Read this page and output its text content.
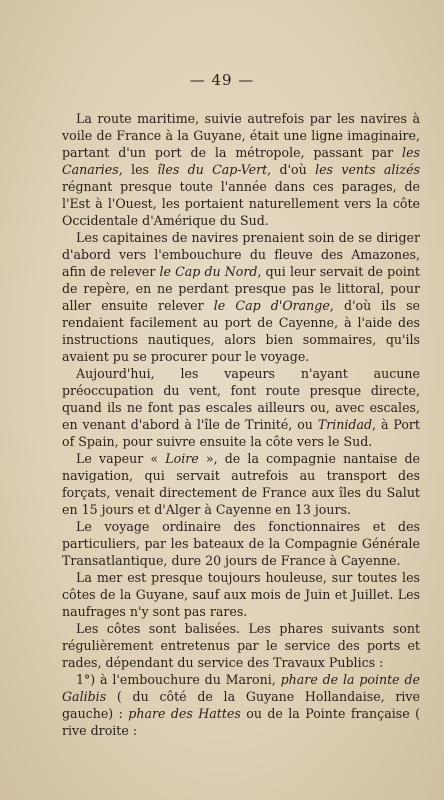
— 49 —

La route maritime, suivie autrefois par les navires à voile de France à la Guyane, était une ligne imaginaire, partant d'un port de la métropole, passant par les Canaries, les îles du Cap-Vert, d'où les vents alizés régnant presque toute l'année dans ces parages, de l'Est à l'Ouest, les portaient naturellement vers la côte Occidentale d'Amérique du Sud.

Les capitaines de navires prenaient soin de se diriger d'abord vers l'embouchure du fleuve des Amazones, afin de relever le Cap du Nord, qui leur servait de point de repère, en ne perdant presque pas le littoral, pour aller ensuite relever le Cap d'Orange, d'où ils se rendaient facilement au port de Cayenne, à l'aide des instructions nautiques, alors bien sommaires, qu'ils avaient pu se procurer pour le voyage.

Aujourd'hui, les vapeurs n'ayant aucune préoccupation du vent, font route presque directe, quand ils ne font pas escales ailleurs ou, avec escales, en venant d'abord à l'île de Trinité, ou Trinidad, à Port of Spain, pour suivre ensuite la côte vers le Sud.

Le vapeur « Loire », de la compagnie nantaise de navigation, qui servait autrefois au transport des forçats, venait directement de France aux îles du Salut en 15 jours et d'Alger à Cayenne en 13 jours.

Le voyage ordinaire des fonctionnaires et des particuliers, par les bateaux de la Compagnie Générale Transatlantique, dure 20 jours de France à Cayenne.

La mer est presque toujours houleuse, sur toutes les côtes de la Guyane, sauf aux mois de Juin et Juillet. Les naufrages n'y sont pas rares.

Les côtes sont balisées. Les phares suivants sont régulièrement entretenus par le service des ports et rades, dépendant du service des Travaux Publics :

1°) à l'embouchure du Maroni, phare de la pointe de Galibis ( du côté de la Guyane Hollandaise, rive gauche) : phare des Hattes ou de la Pointe française ( rive droite :
